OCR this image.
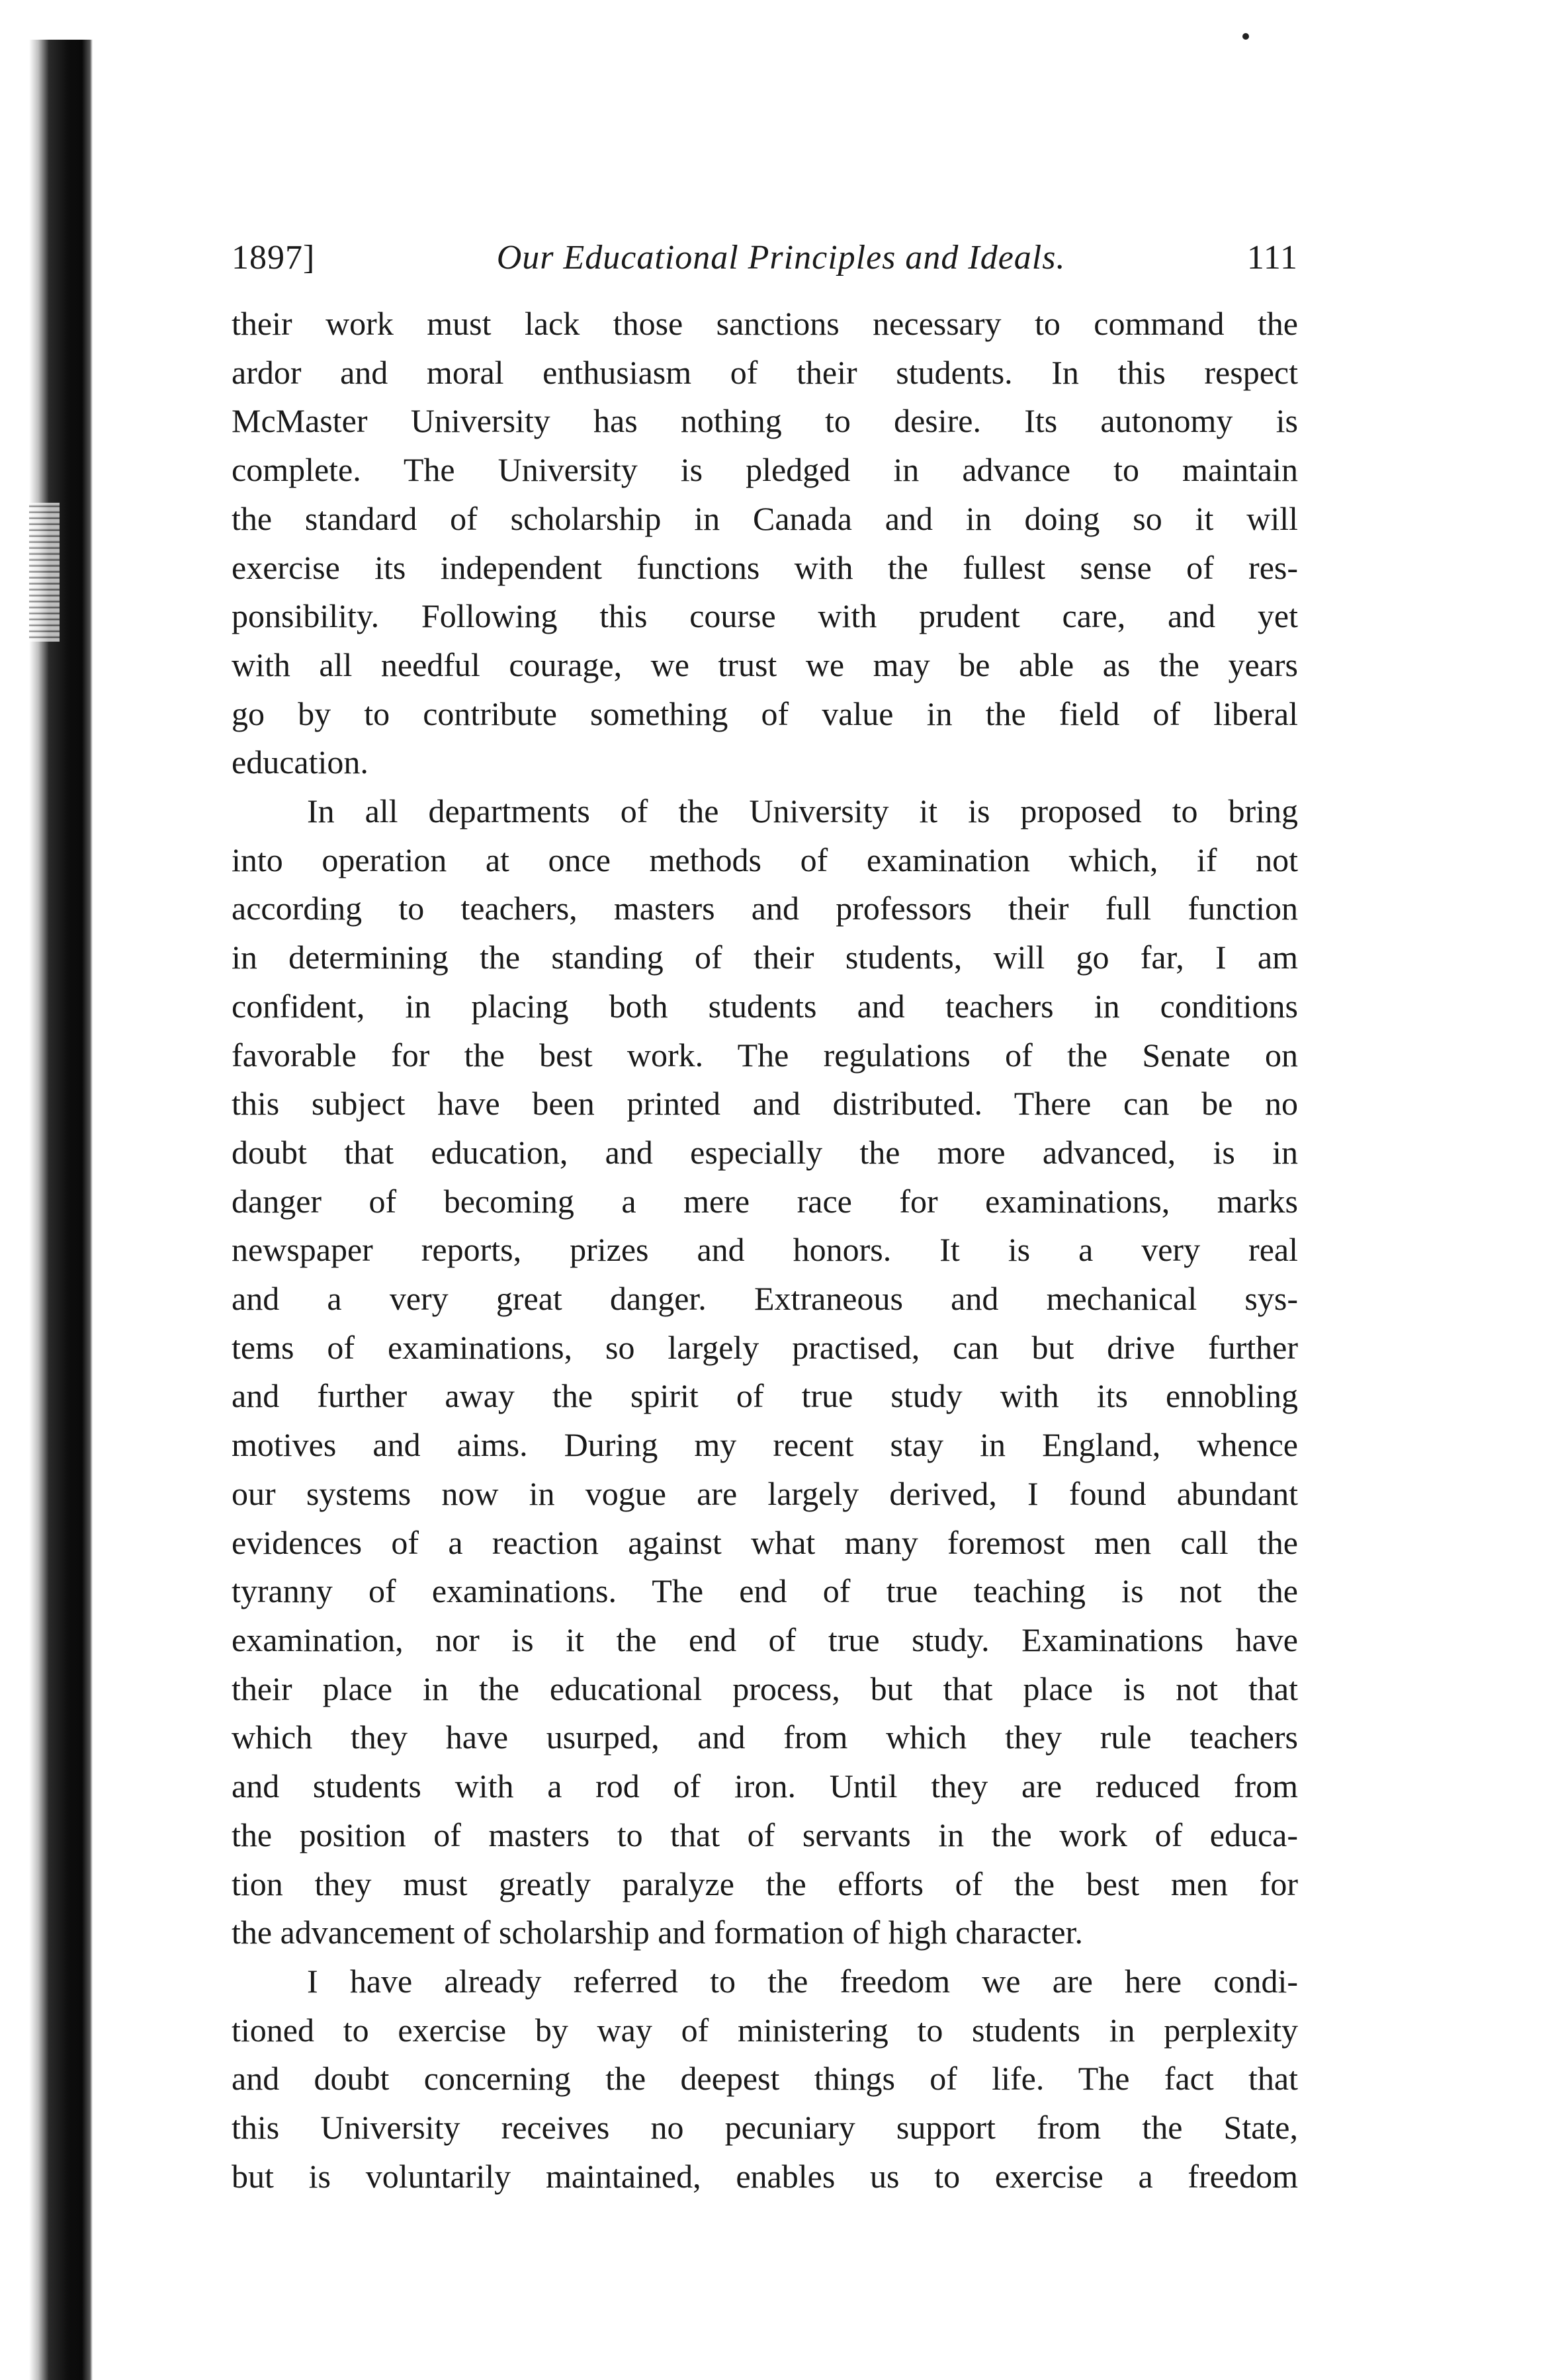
1897]	Our Educational Principles and Ideals.	111

their work must lack those sanctions necessary to command the
ardor and moral enthusiasm of their students. In this respect
McMaster University has nothing to desire. Its autonomy is
complete. The University is pledged in advance to maintain
the standard of scholarship in Canada and in doing so it will
exercise its independent functions with the fullest sense of res-
ponsibility. Following this course with prudent care, and yet
with all needful courage, we trust we may be able as the years
go by to contribute something of value in the field of liberal
education.

In all departments of the University it is proposed to bring
into operation at once methods of examination which, if not
according to teachers, masters and professors their full function
in determining the standing of their students, will go far, I am
confident, in placing both students and teachers in conditions
favorable for the best work. The regulations of the Senate on
this subject have been printed and distributed. There can be no
doubt that education, and especially the more advanced, is in
danger of becoming a mere race for examinations, marks
newspaper reports, prizes and honors. It is a very real
and a very great danger. Extraneous and mechanical sys-
tems of examinations, so largely practised, can but drive further
and further away the spirit of true study with its ennobling
motives and aims. During my recent stay in England, whence
our systems now in vogue are largely derived, I found abundant
evidences of a reaction against what many foremost men call the
tyranny of examinations. The end of true teaching is not the
examination, nor is it the end of true study. Examinations have
their place in the educational process, but that place is not that
which they have usurped, and from which they rule teachers
and students with a rod of iron. Until they are reduced from
the position of masters to that of servants in the work of educa-
tion they must greatly paralyze the efforts of the best men for
the advancement of scholarship and formation of high character.

I have already referred to the freedom we are here condi-
tioned to exercise by way of ministering to students in perplexity
and doubt concerning the deepest things of life. The fact that
this University receives no pecuniary support from the State,
but is voluntarily maintained, enables us to exercise a freedom
